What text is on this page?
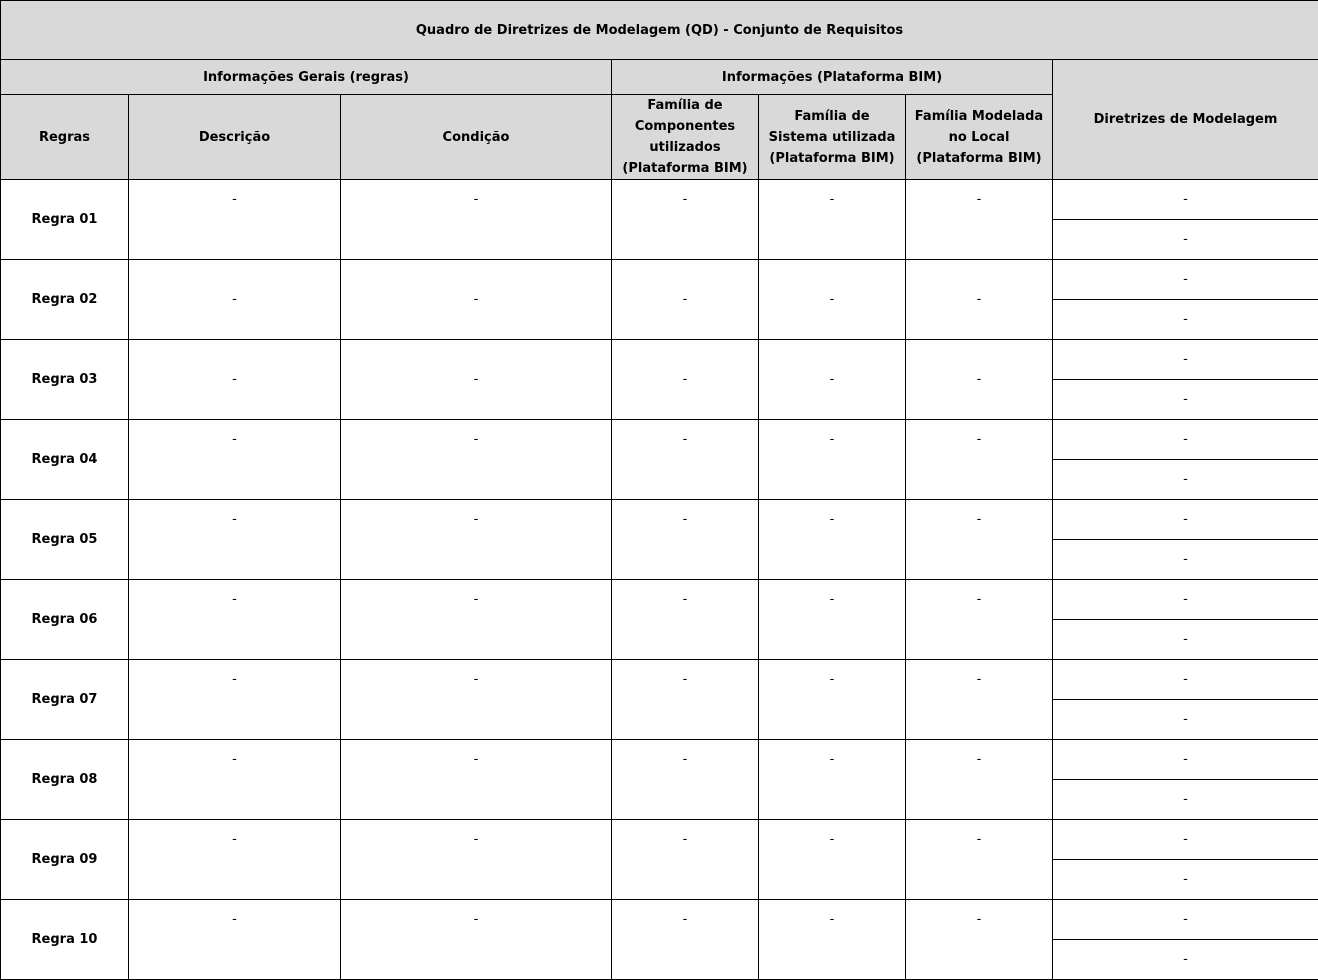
Quadro de Diretrizes de Modelagem (QD) - Conjunto de Requisitos						
Informações Gerais (regras)			Informações (Plataforma BIM)			Diretrizes de Modelagem
Regras	Descrição	Condição	Família de Componentes utilizados (Plataforma BIM)	Família de Sistema utilizada (Plataforma BIM)	Família Modelada no Local (Plataforma BIM)	
Regra 01	-	-	-	-	-	-
						-
Regra 02	-	-	-	-	-	-
						-
Regra 03	-	-	-	-	-	-
						-
Regra 04	-	-	-	-	-	-
						-
Regra 05	-	-	-	-	-	-
						-
Regra 06	-	-	-	-	-	-
						-
Regra 07	-	-	-	-	-	-
						-
Regra 08	-	-	-	-	-	-
						-
Regra 09	-	-	-	-	-	-
						-
Regra 10	-	-	-	-	-	-
						-
